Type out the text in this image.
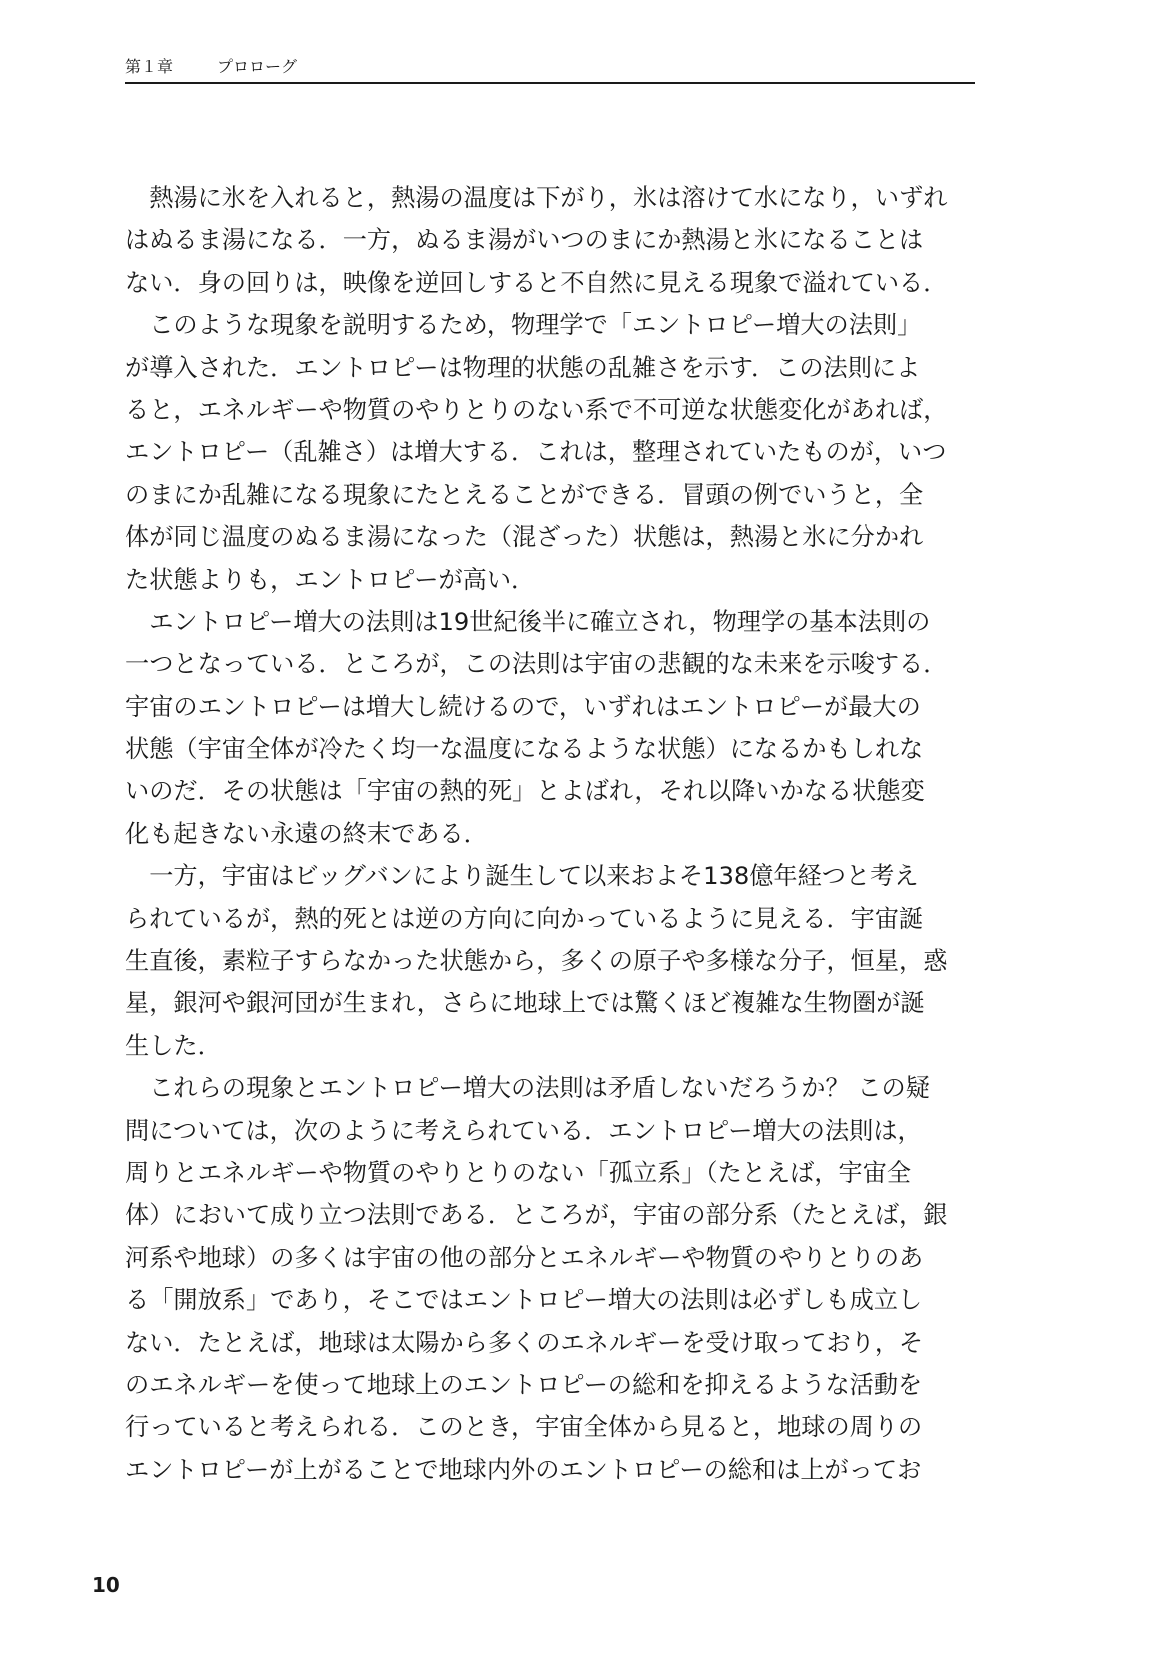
第１章	プロローグ
　熱湯に氷を入れると，熱湯の温度は下がり，氷は溶けて水になり，いずれ
はぬるま湯になる．一方，ぬるま湯がいつのまにか熱湯と氷になることは
ない．身の回りは，映像を逆回しすると不自然に見える現象で溢れている．
　このような現象を説明するため，物理学で「エントロピー増大の法則」
が導入された．エントロピーは物理的状態の乱雑さを示す．この法則によ
ると，エネルギーや物質のやりとりのない系で不可逆な状態変化があれば，
エントロピー（乱雑さ）は増大する．これは，整理されていたものが，いつ
のまにか乱雑になる現象にたとえることができる．冒頭の例でいうと，全
体が同じ温度のぬるま湯になった（混ざった）状態は，熱湯と氷に分かれ
た状態よりも，エントロピーが高い．
　エントロピー増大の法則は19世紀後半に確立され，物理学の基本法則の
一つとなっている．ところが，この法則は宇宙の悲観的な未来を示唆する．
宇宙のエントロピーは増大し続けるので，いずれはエントロピーが最大の
状態（宇宙全体が冷たく均一な温度になるような状態）になるかもしれな
いのだ．その状態は「宇宙の熱的死」とよばれ，それ以降いかなる状態変
化も起きない永遠の終末である．
　一方，宇宙はビッグバンにより誕生して以来およそ138億年経つと考え
られているが，熱的死とは逆の方向に向かっているように見える．宇宙誕
生直後，素粒子すらなかった状態から，多くの原子や多様な分子，恒星，惑
星，銀河や銀河団が生まれ，さらに地球上では驚くほど複雑な生物圏が誕
生した．
　これらの現象とエントロピー増大の法則は矛盾しないだろうか？ この疑
問については，次のように考えられている．エントロピー増大の法則は，
周りとエネルギーや物質のやりとりのない「孤立系」（たとえば，宇宙全
体）において成り立つ法則である．ところが，宇宙の部分系（たとえば，銀
河系や地球）の多くは宇宙の他の部分とエネルギーや物質のやりとりのあ
る「開放系」であり，そこではエントロピー増大の法則は必ずしも成立し
ない．たとえば，地球は太陽から多くのエネルギーを受け取っており，そ
のエネルギーを使って地球上のエントロピーの総和を抑えるような活動を
行っていると考えられる．このとき，宇宙全体から見ると，地球の周りの
エントロピーが上がることで地球内外のエントロピーの総和は上がってお
10
